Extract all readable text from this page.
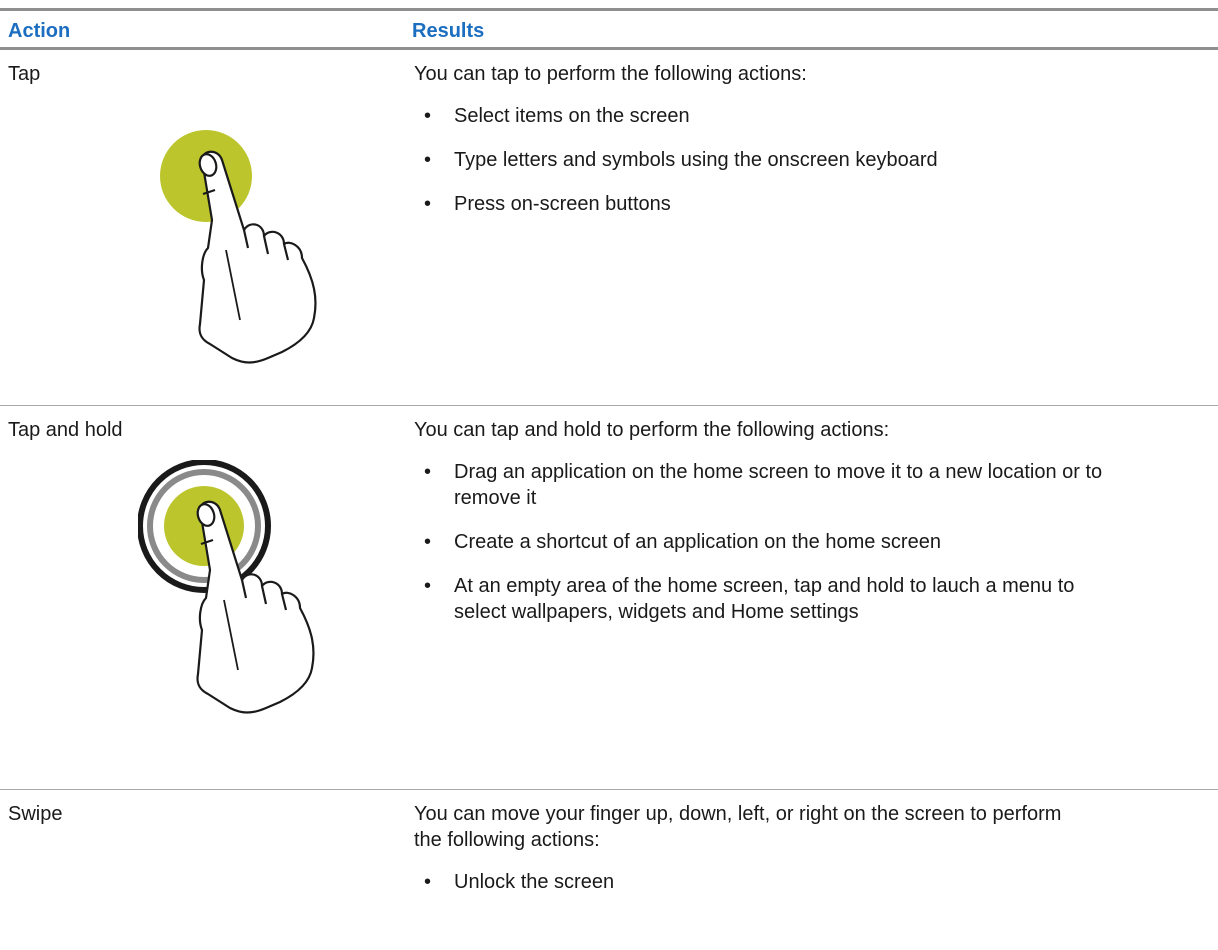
Action	Results
Tap	You can tap to perform the following actions:

• Select items on the screen
• Type letters and symbols using the onscreen keyboard
• Press on-screen buttons
Tap and hold	You can tap and hold to perform the following actions:

• Drag an application on the home screen to move it to a new location or to remove it
• Create a shortcut of an application on the home screen
• At an empty area of the home screen, tap and hold to lauch a menu to select wallpapers, widgets and Home settings
Swipe	You can move your finger up, down, left, or right on the screen to perform the following actions:

• Unlock the screen
